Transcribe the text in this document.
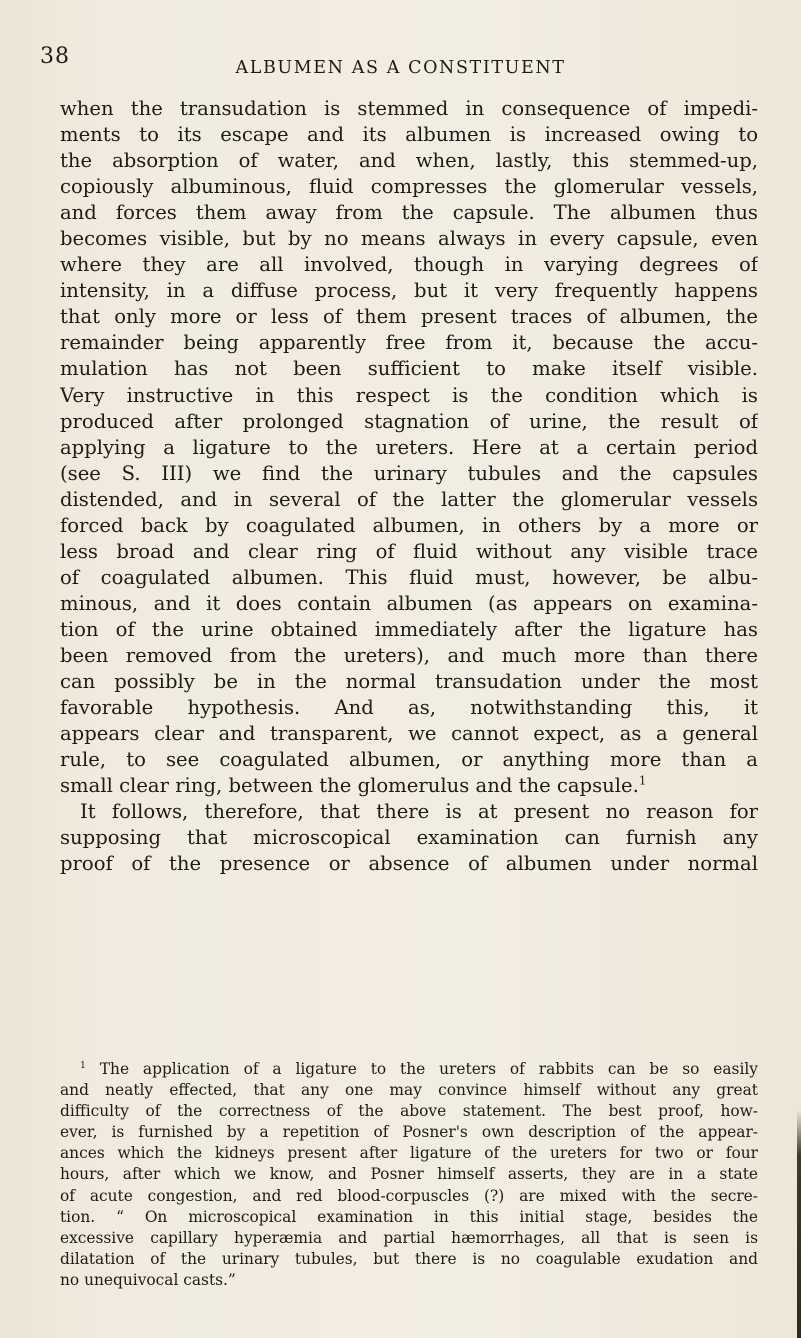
38	ALBUMEN AS A CONSTITUENT
when the transudation is stemmed in consequence of impedi-
ments to its escape and its albumen is increased owing to
the absorption of water, and when, lastly, this stemmed-up,
copiously albuminous, fluid compresses the glomerular vessels,
and forces them away from the capsule. The albumen thus
becomes visible, but by no means always in every capsule, even
where they are all involved, though in varying degrees of
intensity, in a diffuse process, but it very frequently happens
that only more or less of them present traces of albumen, the
remainder being apparently free from it, because the accu-
mulation has not been sufficient to make itself visible.
Very instructive in this respect is the condition which is
produced after prolonged stagnation of urine, the result of
applying a ligature to the ureters. Here at a certain period
(see S. III) we find the urinary tubules and the capsules
distended, and in several of the latter the glomerular vessels
forced back by coagulated albumen, in others by a more or
less broad and clear ring of fluid without any visible trace
of coagulated albumen. This fluid must, however, be albu-
minous, and it does contain albumen (as appears on examina-
tion of the urine obtained immediately after the ligature has
been removed from the ureters), and much more than there
can possibly be in the normal transudation under the most
favorable hypothesis. And as, notwithstanding this, it
appears clear and transparent, we cannot expect, as a general
rule, to see coagulated albumen, or anything more than a
small clear ring, between the glomerulus and the capsule.$^1$
It follows, therefore, that there is at present no reason for
supposing that microscopical examination can furnish any
proof of the presence or absence of albumen under normal
$^1$ The application of a ligature to the ureters of rabbits can be so easily
and neatly effected, that any one may convince himself without any great
difficulty of the correctness of the above statement. The best proof, how-
ever, is furnished by a repetition of Posner's own description of the appear-
ances which the kidneys present after ligature of the ureters for two or four
hours, after which we know, and Posner himself asserts, they are in a state
of acute congestion, and red blood-corpuscles (?) are mixed with the secre-
tion. “ On microscopical examination in this initial stage, besides the
excessive capillary hyperæmia and partial hæmorrhages, all that is seen is
dilatation of the urinary tubules, but there is no coagulable exudation and
no unequivocal casts.”
